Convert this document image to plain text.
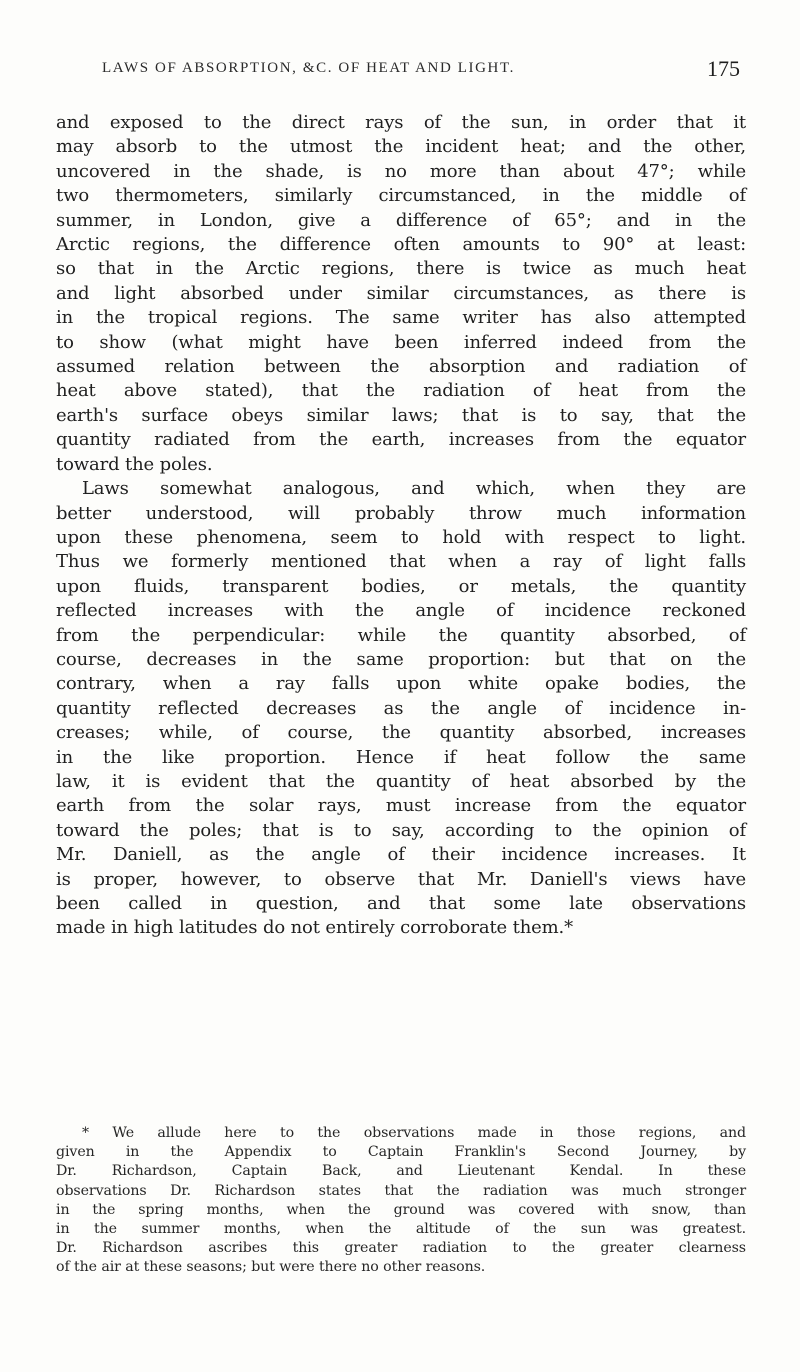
LAWS OF ABSORPTION, &C. OF HEAT AND LIGHT.	175

and exposed to the direct rays of the sun, in order that it
may absorb to the utmost the incident heat; and the other,
uncovered in the shade, is no more than about 47°; while
two thermometers, similarly circumstanced, in the middle of
summer, in London, give a difference of 65°; and in the
Arctic regions, the difference often amounts to 90° at least:
so that in the Arctic regions, there is twice as much heat
and light absorbed under similar circumstances, as there is
in the tropical regions. The same writer has also attempted
to show (what might have been inferred indeed from the
assumed relation between the absorption and radiation of
heat above stated), that the radiation of heat from the
earth's surface obeys similar laws; that is to say, that the
quantity radiated from the earth, increases from the equator
toward the poles.

Laws somewhat analogous, and which, when they are
better understood, will probably throw much information
upon these phenomena, seem to hold with respect to light.
Thus we formerly mentioned that when a ray of light falls
upon fluids, transparent bodies, or metals, the quantity
reflected increases with the angle of incidence reckoned
from the perpendicular: while the quantity absorbed, of
course, decreases in the same proportion: but that on the
contrary, when a ray falls upon white opake bodies, the
quantity reflected decreases as the angle of incidence in-
creases; while, of course, the quantity absorbed, increases
in the like proportion. Hence if heat follow the same
law, it is evident that the quantity of heat absorbed by the
earth from the solar rays, must increase from the equator
toward the poles; that is to say, according to the opinion of
Mr. Daniell, as the angle of their incidence increases. It
is proper, however, to observe that Mr. Daniell's views have
been called in question, and that some late observations
made in high latitudes do not entirely corroborate them.*

* We allude here to the observations made in those regions, and
given in the Appendix to Captain Franklin's Second Journey, by
Dr. Richardson, Captain Back, and Lieutenant Kendal. In these
observations Dr. Richardson states that the radiation was much stronger
in the spring months, when the ground was covered with snow, than
in the summer months, when the altitude of the sun was greatest.
Dr. Richardson ascribes this greater radiation to the greater clearness
of the air at these seasons; but were there no other reasons.
